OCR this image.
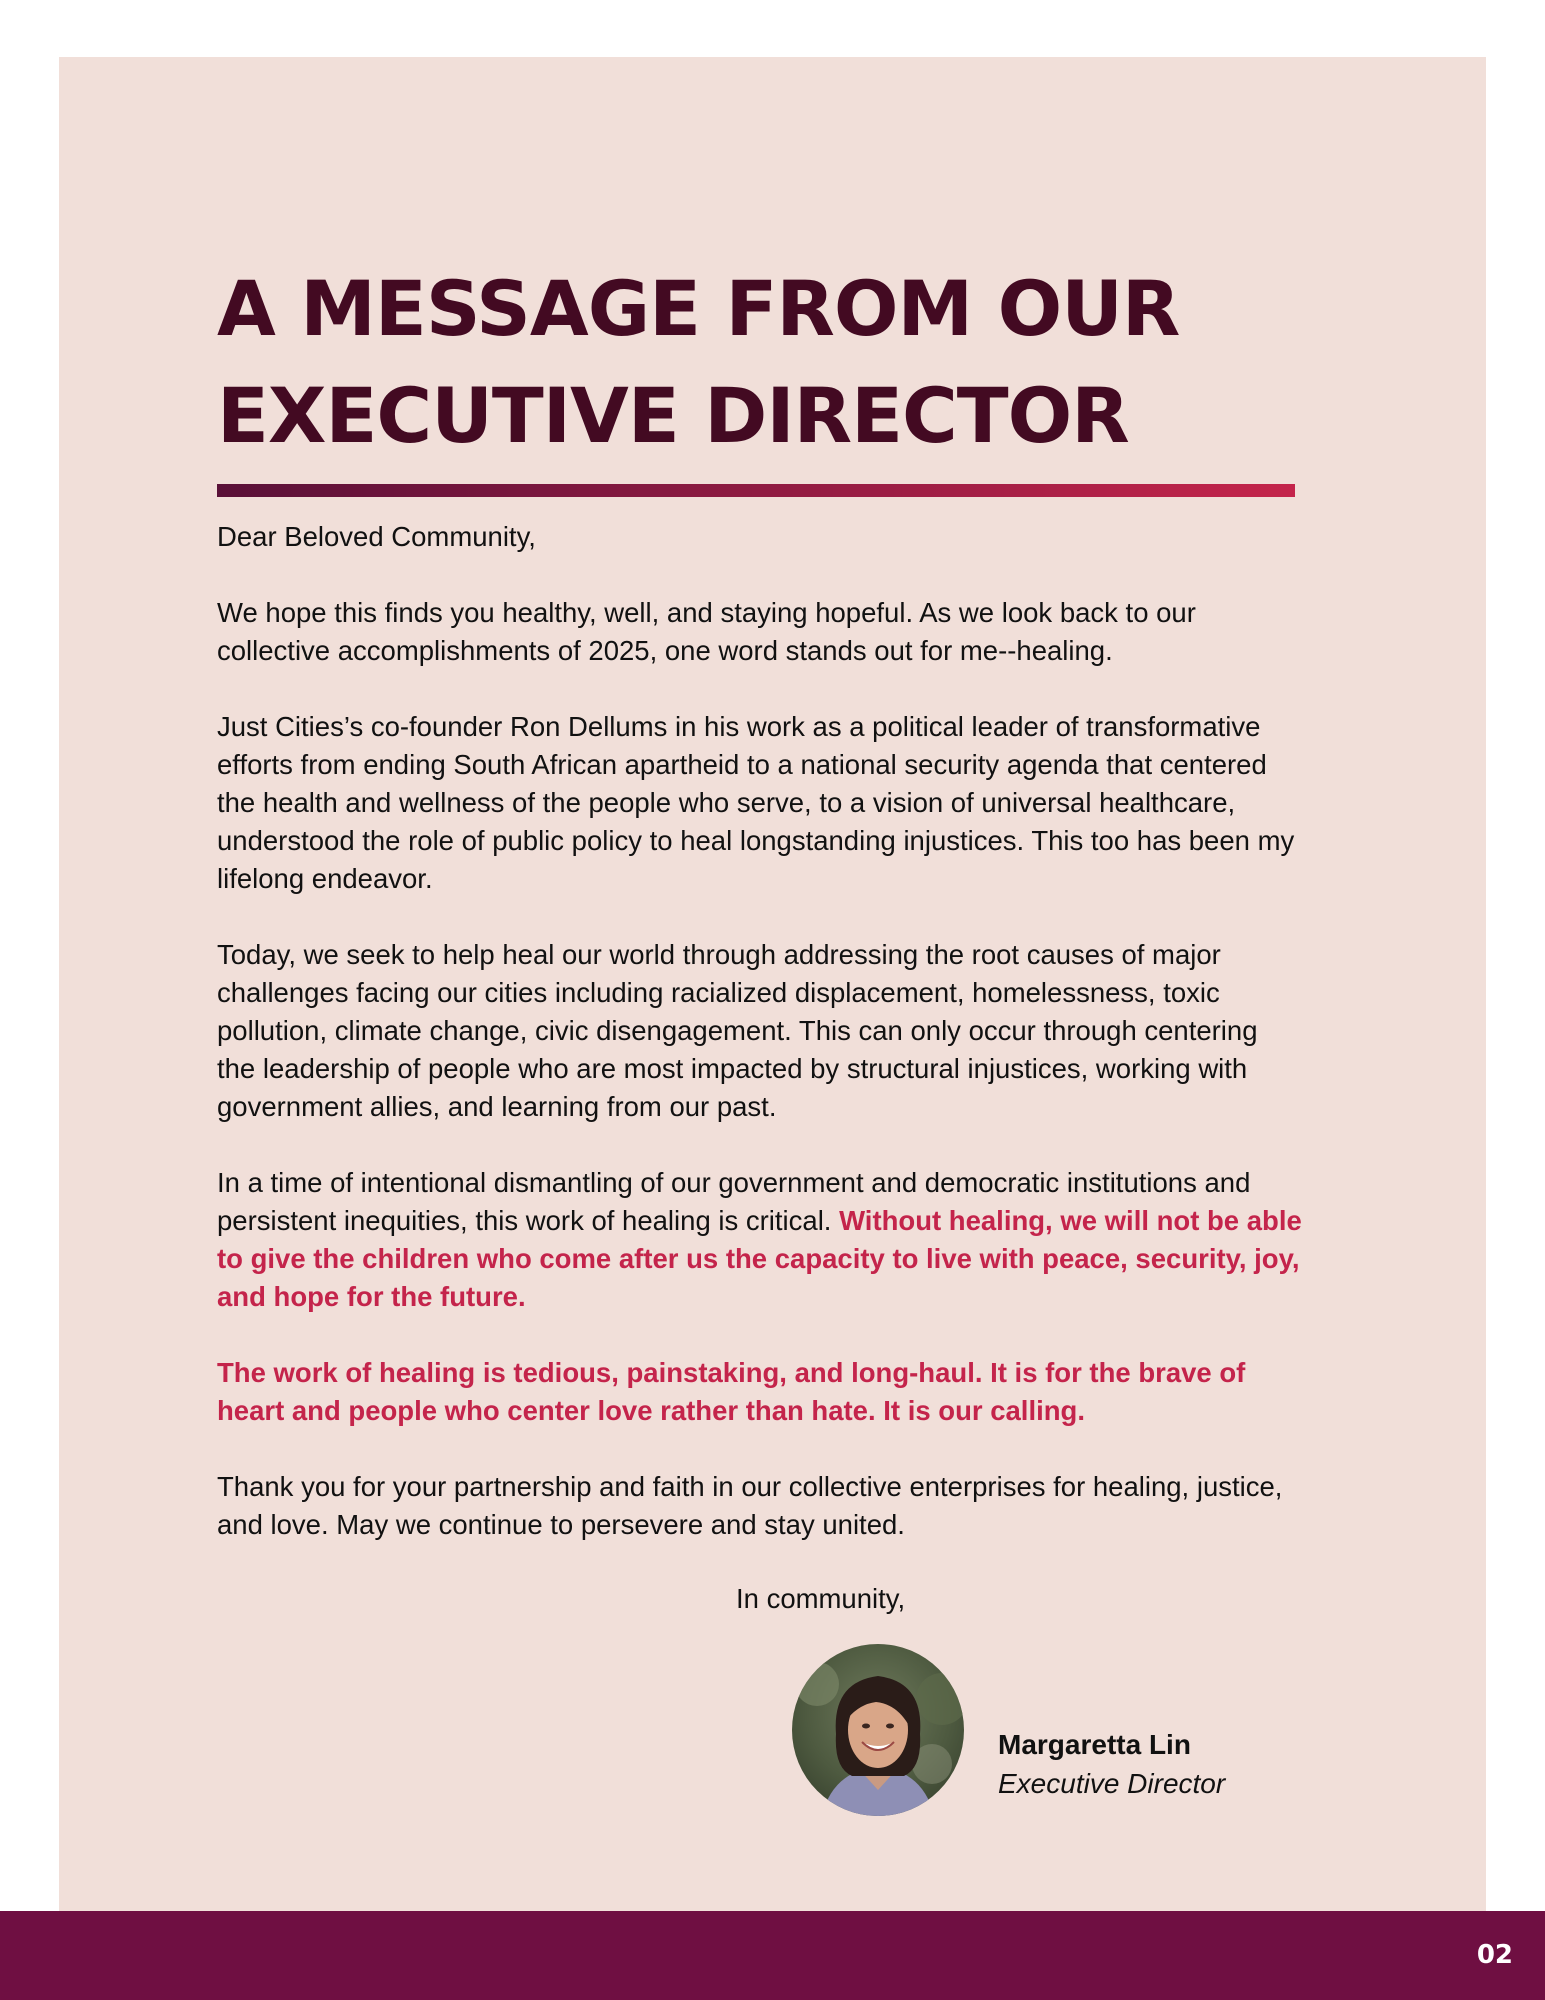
A MESSAGE FROM OUR
EXECUTIVE DIRECTOR

Dear Beloved Community,

We hope this finds you healthy, well, and staying hopeful. As we look back to our collective accomplishments of 2025, one word stands out for me--healing.

Just Cities’s co-founder Ron Dellums in his work as a political leader of transformative efforts from ending South African apartheid to a national security agenda that centered the health and wellness of the people who serve, to a vision of universal healthcare, understood the role of public policy to heal longstanding injustices. This too has been my lifelong endeavor.

Today, we seek to help heal our world through addressing the root causes of major challenges facing our cities including racialized displacement, homelessness, toxic pollution, climate change, civic disengagement. This can only occur through centering the leadership of people who are most impacted by structural injustices, working with government allies, and learning from our past.

In a time of intentional dismantling of our government and democratic institutions and persistent inequities, this work of healing is critical. Without healing, we will not be able to give the children who come after us the capacity to live with peace, security, joy, and hope for the future.

The work of healing is tedious, painstaking, and long-haul. It is for the brave of heart and people who center love rather than hate. It is our calling.

Thank you for your partnership and faith in our collective enterprises for healing, justice, and love. May we continue to persevere and stay united.

In community,
Margaretta Lin
Executive Director
02
